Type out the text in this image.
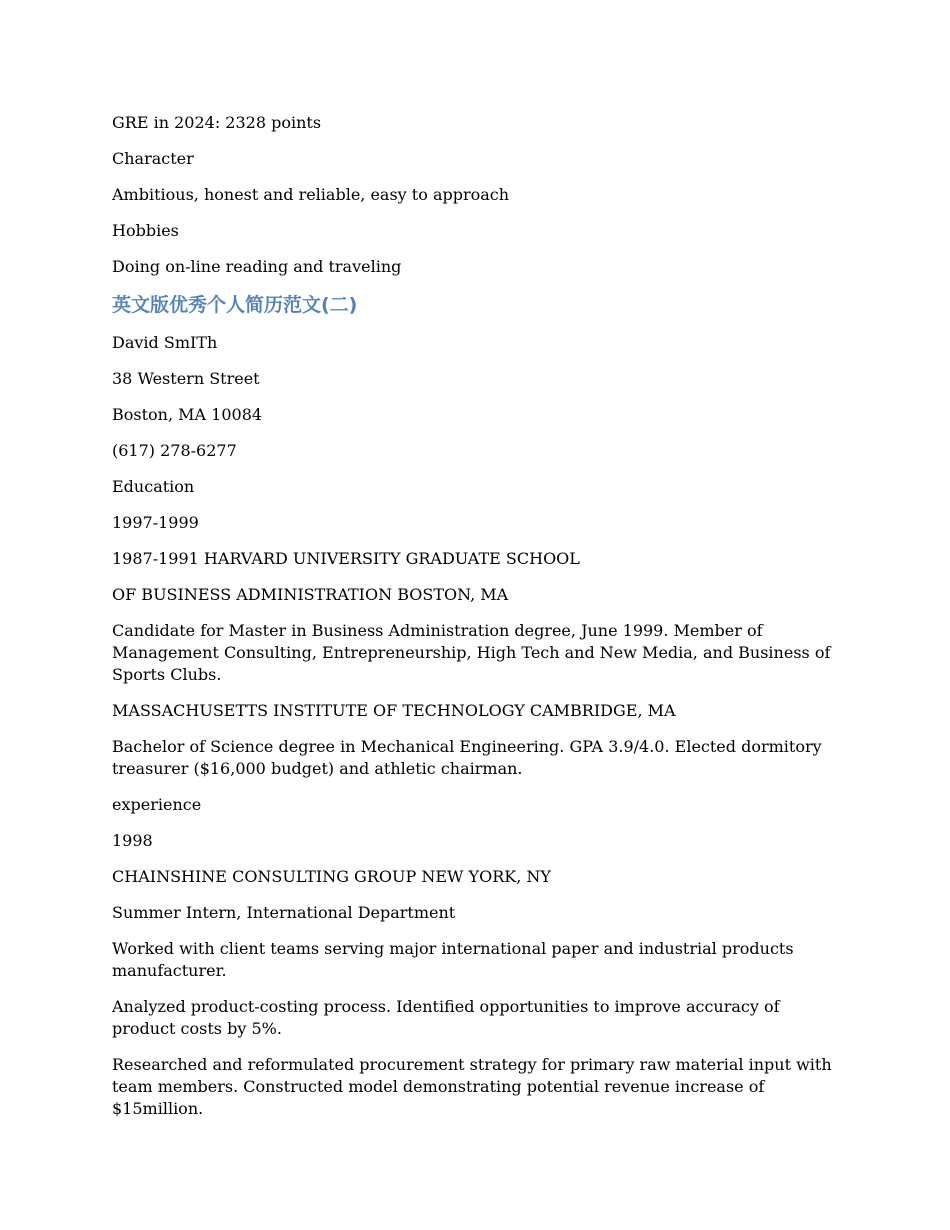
GRE in 2024: 2328 points

Character

Ambitious, honest and reliable, easy to approach

Hobbies

Doing on-line reading and traveling

英文版优秀个人简历范文(二)

David SmITh

38 Western Street

Boston, MA 10084

(617) 278-6277

Education

1997-1999

1987-1991 HARVARD UNIVERSITY GRADUATE SCHOOL

OF BUSINESS ADMINISTRATION BOSTON, MA

Candidate for Master in Business Administration degree, June 1999. Member of Management Consulting, Entrepreneurship, High Tech and New Media, and Business of Sports Clubs.

MASSACHUSETTS INSTITUTE OF TECHNOLOGY CAMBRIDGE, MA

Bachelor of Science degree in Mechanical Engineering. GPA 3.9/4.0. Elected dormitory treasurer ($16,000 budget) and athletic chairman.

experience

1998

CHAINSHINE CONSULTING GROUP NEW YORK, NY

Summer Intern, International Department

Worked with client teams serving major international paper and industrial products manufacturer.

Analyzed product-costing process. Identified opportunities to improve accuracy of product costs by 5%.

Researched and reformulated procurement strategy for primary raw material input with team members. Constructed model demonstrating potential revenue increase of $15million.
